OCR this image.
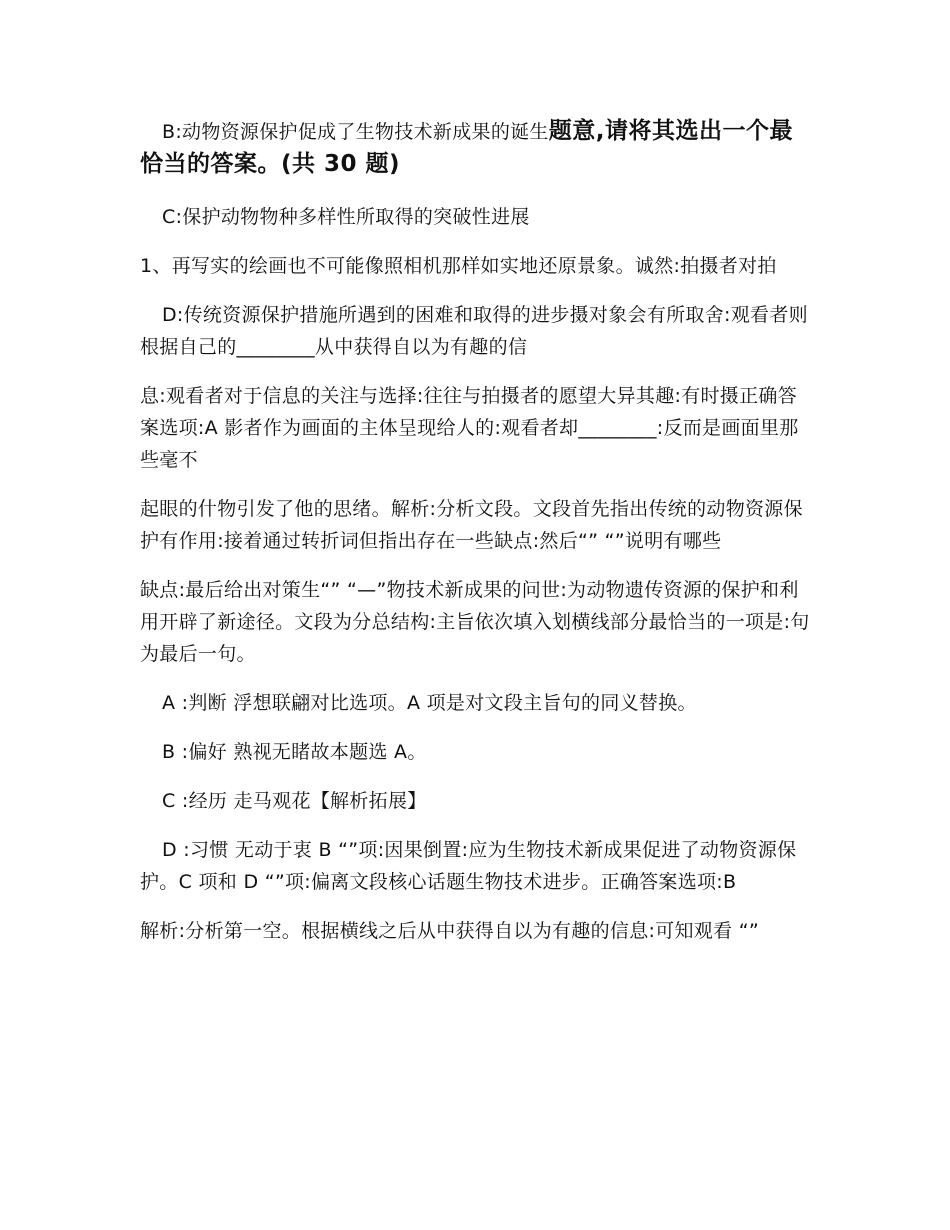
B:动物资源保护促成了生物技术新成果的诞生题意,请将其选出一个最恰当的答案。(共 30 题)

C:保护动物物种多样性所取得的突破性进展

1、再写实的绘画也不可能像照相机那样如实地还原景象。诚然:拍摄者对拍

D:传统资源保护措施所遇到的困难和取得的进步摄对象会有所取舍:观看者则根据自己的________从中获得自以为有趣的信

息:观看者对于信息的关注与选择:往往与拍摄者的愿望大异其趣:有时摄正确答案选项:A 影者作为画面的主体呈现给人的:观看者却________:反而是画面里那些毫不

起眼的什物引发了他的思绪。解析:分析文段。文段首先指出传统的动物资源保护有作用:接着通过转折词但指出存在一些缺点:然后“” “”说明有哪些

缺点:最后给出对策生“” “—”物技术新成果的问世:为动物遗传资源的保护和利用开辟了新途径。文段为分总结构:主旨依次填入划横线部分最恰当的一项是:句为最后一句。

A :判断 浮想联翩对比选项。A 项是对文段主旨句的同义替换。

B :偏好 熟视无睹故本题选 A。

C :经历 走马观花【解析拓展】

D :习惯 无动于衷 B “”项:因果倒置:应为生物技术新成果促进了动物资源保护。C 项和 D “”项:偏离文段核心话题生物技术进步。正确答案选项:B

解析:分析第一空。根据横线之后从中获得自以为有趣的信息:可知观看 “”
